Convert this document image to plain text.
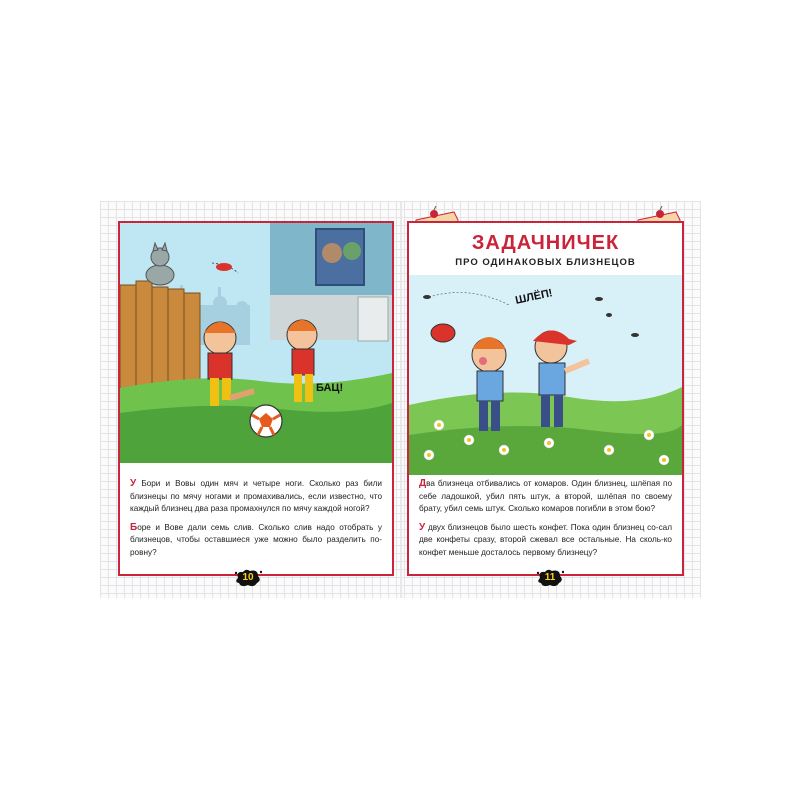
БАЦ!

У Бори и Вовы один мяч и четыре ноги. Сколько раз били близнецы по мячу ногами и промахивались, если известно, что каждый близнец два раза промахнулся по мячу каждой ногой?

Боре и Вове дали семь слив. Сколько слив надо отобрать у близнецов, чтобы оставшиеся уже можно было разделить по-ровну?

10
ЗАДАЧНИЧЕК
ПРО ОДИНАКОВЫХ БЛИЗНЕЦОВ
ШЛЁП!

Два близнеца отбивались от комаров. Один близнец, шлёпая по себе ладошкой, убил пять штук, а второй, шлёпая по своему брату, убил семь штук. Сколько комаров погибли в этом бою?

У двух близнецов было шесть конфет. Пока один близнец со-сал две конфеты сразу, второй сжевал все остальные. На сколь-ко конфет меньше досталось первому близнецу?

11
